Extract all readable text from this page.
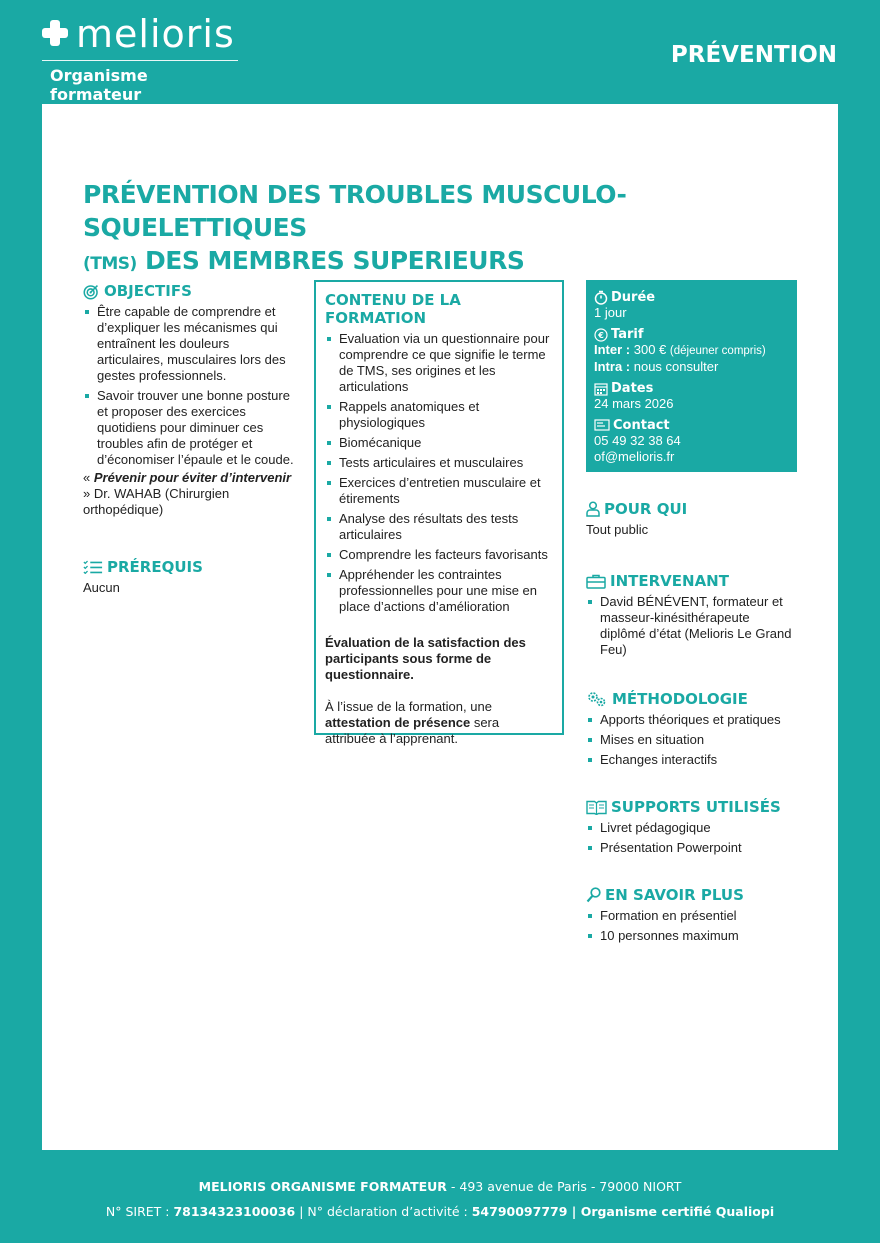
melioris
Organisme formateur
PRÉVENTION
PRÉVENTION DES TROUBLES MUSCULO-SQUELETTIQUES
(TMS) DES MEMBRES SUPERIEURS
OBJECTIFS
Être capable de comprendre et d’expliquer les mécanismes qui entraînent les douleurs articulaires, musculaires lors des gestes professionnels.
Savoir trouver une bonne posture et proposer des exercices quotidiens pour diminuer ces troubles afin de protéger et d’économiser l’épaule et le coude.
« Prévenir pour éviter d’intervenir » Dr. WAHAB (Chirurgien orthopédique)
PRÉREQUIS
Aucun
CONTENU DE LA FORMATION
Evaluation via un questionnaire pour comprendre ce que signifie le terme de TMS, ses origines et les articulations
Rappels anatomiques et physiologiques
Biomécanique
Tests articulaires et musculaires
Exercices d’entretien musculaire et étirements
Analyse des résultats des tests articulaires
Comprendre les facteurs favorisants
Appréhender les contraintes professionnelles pour une mise en place d’actions d’amélioration
Évaluation de la satisfaction des participants sous forme de questionnaire.
À l’issue de la formation, une attestation de présence sera attribuée à l’apprenant.
Durée
1 jour
€ Tarif
Inter : 300 € (déjeuner compris)
Intra : nous consulter
Dates
24 mars 2026
Contact
05 49 32 38 64
of@melioris.fr
POUR QUI
Tout public
INTERVENANT
David BÉNÉVENT, formateur et masseur-kinésithérapeute diplômé d’état (Melioris Le Grand Feu)
MÉTHODOLOGIE
Apports théoriques et pratiques
Mises en situation
Echanges interactifs
SUPPORTS UTILISÉS
Livret pédagogique
Présentation Powerpoint
EN SAVOIR PLUS
Formation en présentiel
10 personnes maximum
MELIORIS ORGANISME FORMATEUR - 493 avenue de Paris - 79000 NIORT
N° SIRET : 78134323100036 | N° déclaration d’activité : 54790097779 | Organisme certifié Qualiopi
